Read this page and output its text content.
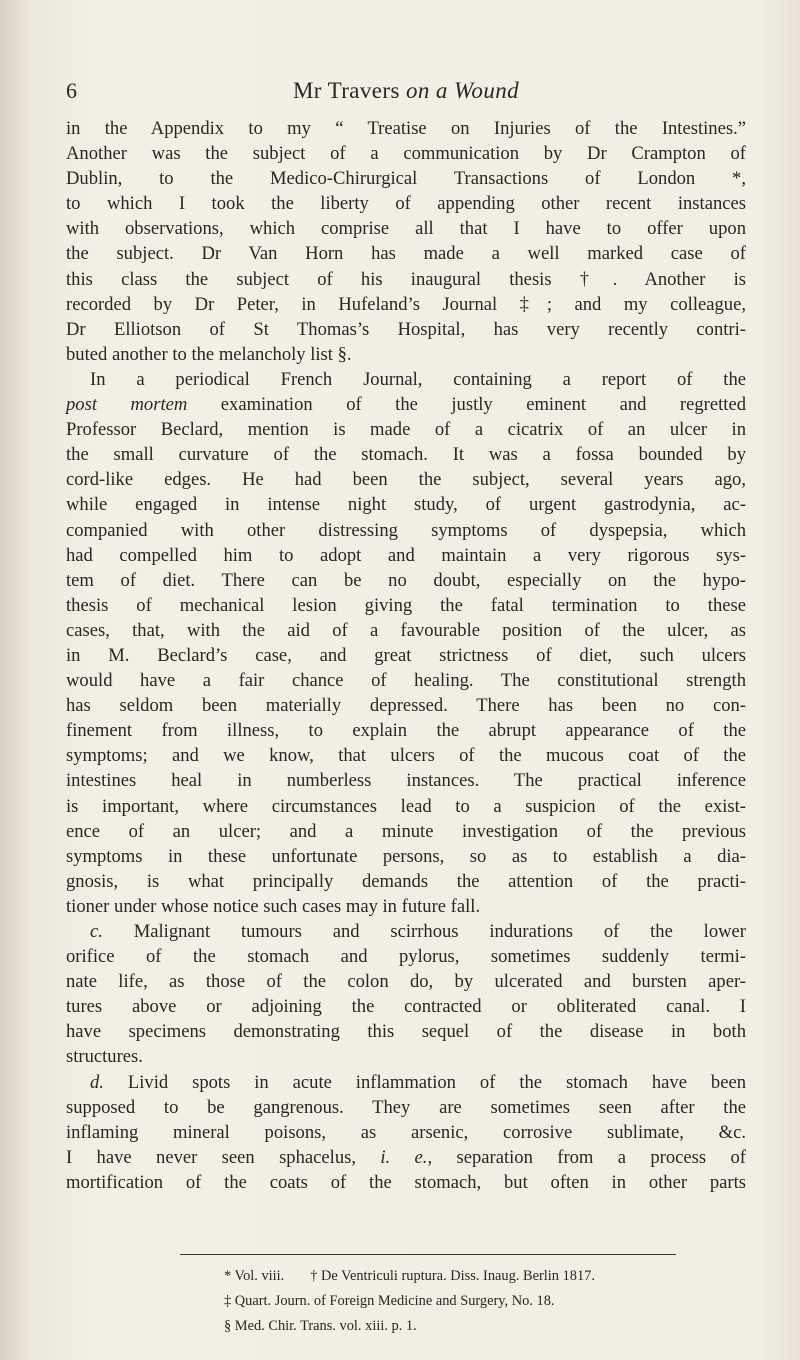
6	Mr Travers on a Wound
in the Appendix to my “ Treatise on Injuries of the Intestines.”
Another was the subject of a communication by Dr Crampton of
Dublin, to the Medico-Chirurgical Transactions of London *,
to which I took the liberty of appending other recent instances
with observations, which comprise all that I have to offer upon
the subject. Dr Van Horn has made a well marked case of
this class the subject of his inaugural thesis †. Another is
recorded by Dr Peter, in Hufeland’s Journal ‡; and my colleague,
Dr Elliotson of St Thomas’s Hospital, has very recently contri-
buted another to the melancholy list §.
In a periodical French Journal, containing a report of the
post mortem examination of the justly eminent and regretted
Professor Beclard, mention is made of a cicatrix of an ulcer in
the small curvature of the stomach. It was a fossa bounded by
cord-like edges. He had been the subject, several years ago,
while engaged in intense night study, of urgent gastrodynia, ac-
companied with other distressing symptoms of dyspepsia, which
had compelled him to adopt and maintain a very rigorous sys-
tem of diet. There can be no doubt, especially on the hypo-
thesis of mechanical lesion giving the fatal termination to these
cases, that, with the aid of a favourable position of the ulcer, as
in M. Beclard’s case, and great strictness of diet, such ulcers
would have a fair chance of healing. The constitutional strength
has seldom been materially depressed. There has been no con-
finement from illness, to explain the abrupt appearance of the
symptoms; and we know, that ulcers of the mucous coat of the
intestines heal in numberless instances. The practical inference
is important, where circumstances lead to a suspicion of the exist-
ence of an ulcer; and a minute investigation of the previous
symptoms in these unfortunate persons, so as to establish a dia-
gnosis, is what principally demands the attention of the practi-
tioner under whose notice such cases may in future fall.
c. Malignant tumours and scirrhous indurations of the lower
orifice of the stomach and pylorus, sometimes suddenly termi-
nate life, as those of the colon do, by ulcerated and bursten aper-
tures above or adjoining the contracted or obliterated canal. I
have specimens demonstrating this sequel of the disease in both
structures.
d. Livid spots in acute inflammation of the stomach have been
supposed to be gangrenous. They are sometimes seen after the
inflaming mineral poisons, as arsenic, corrosive sublimate, &c.
I have never seen sphacelus, i. e., separation from a process of
mortification of the coats of the stomach, but often in other parts
* Vol. viii. † De Ventriculi ruptura. Diss. Inaug. Berlin 1817.
‡ Quart. Journ. of Foreign Medicine and Surgery, No. 18.
§ Med. Chir. Trans. vol. xiii. p. 1.
